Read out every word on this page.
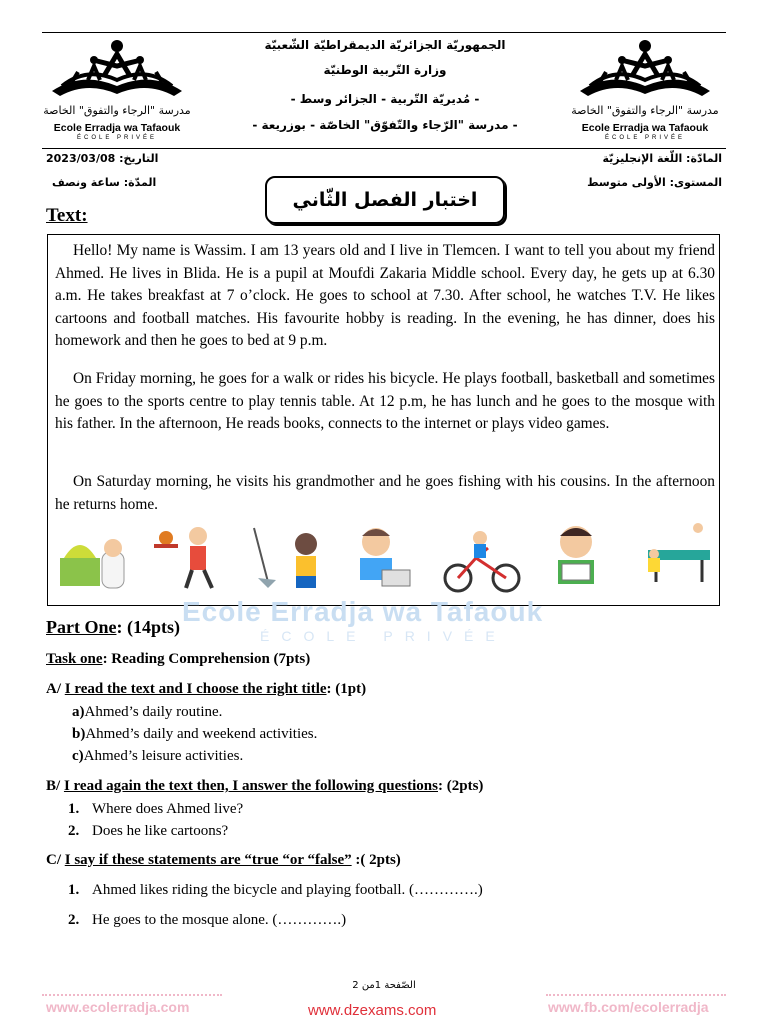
مدرسة "الرجاء والتفوق" الخاصة
Ecole Erradja wa Tafaouk
ÉCOLE PRIVÉE
مدرسة "الرجاء والتفوق" الخاصة
Ecole Erradja wa Tafaouk
ÉCOLE PRIVÉE
الجمهوريّة الجزائريّة الديمقراطيّة الشّعبيّة
وزارة التّربية الوطنيّة
- مُديريّة التّربية - الجزائر وسط -
- مدرسة "الرّجاء والتّفوّق" الخاصّة - بوزريعة -
التاريخ: 2023/03/08
المدّة: ساعة ونصف
المادّة: اللّغة الإنجليزيّة
المستوى: الأولى متوسط
اختبار الفصل الثّاني
Text:
Ecole Erradja wa Tafaouk
ÉCOLE PRIVÉE

Hello! My name is Wassim. I am 13 years old and I live in Tlemcen. I want to tell you about my friend Ahmed. He lives in Blida. He is a pupil at Moufdi Zakaria Middle school. Every day, he gets up at 6.30 a.m. He takes breakfast at 7 o’clock. He goes to school at 7.30. After school, he watches T.V. He likes cartoons and football matches. His favourite hobby is reading. In the evening, he has dinner, does his homework and then he goes to bed at 9 p.m.

On Friday morning, he goes for a walk or rides his bicycle. He plays football, basketball and sometimes he goes to the sports centre to play tennis table. At 12 p.m, he has lunch and he goes to the mosque with his father. In the afternoon, He reads books, connects to the internet or plays video games.

On Saturday morning, he visits his grandmother and he goes fishing with his cousins. In the afternoon he returns home.

Part One: (14pts)
Task one: Reading Comprehension (7pts)
A/ I read the text and I choose the right title: (1pt)
a)Ahmed’s daily routine.
b)Ahmed’s daily and weekend activities.
c)Ahmed’s leisure activities.
B/ I read again the text then, I answer the following questions: (2pts)
1. Where does Ahmed live?
2. Does he like cartoons?
C/ I say if these statements are “true “or “false” :( 2pts)
1. Ahmed likes riding the bicycle and playing football. (………….)
2. He goes to the mosque alone. (………….)
الصّفحة 1من 2
www.ecolerradja.com	www.dzexams.com	www.fb.com/ecolerradja
